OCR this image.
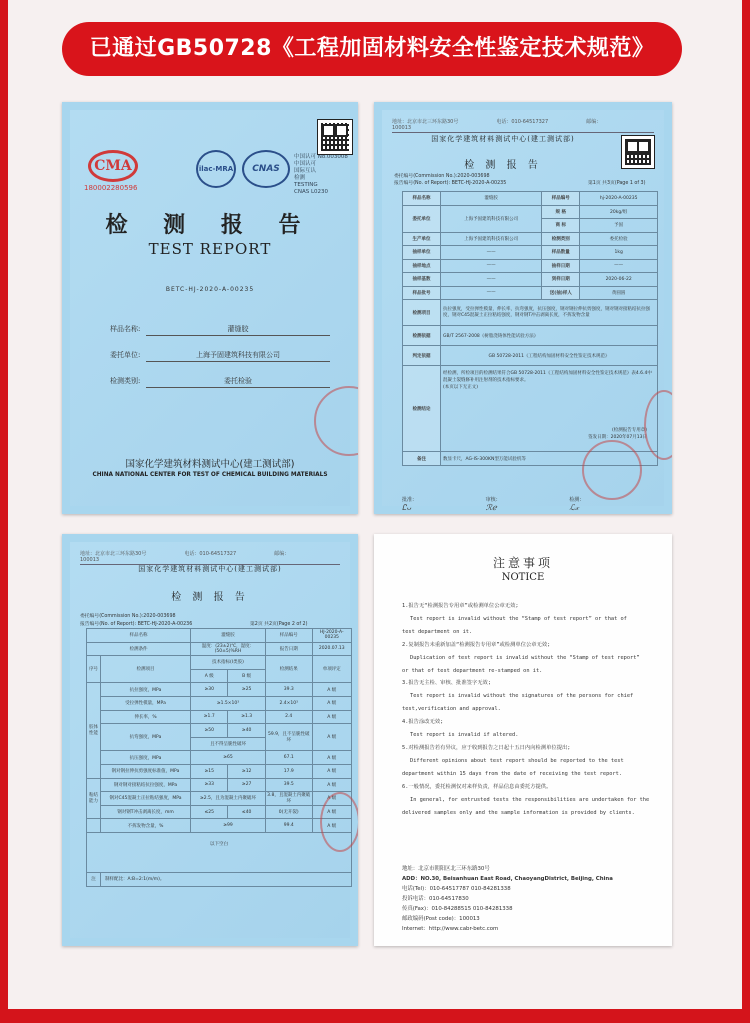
已通过GB50728《工程加固材料安全性鉴定技术规范》
CMA
180002280596
ilac-MRA	CNAS
中国认可 No.003008
中国认可
国际互认
检测
TESTING
CNAS L0230
检 测 报 告
TEST REPORT
BETC-HJ-2020-A-00235
样品名称:	灌缝胶
委托单位:	上海予固建筑科技有限公司
检测类别:	委托检验
国家化学建筑材料测试中心(建工测试部)
CHINA NATIONAL CENTER FOR TEST OF CHEMICAL BUILDING MATERIALS
地址：北京市北三环东路30号	电话：010-64517327	邮编：100013
国家化学建筑材料测试中心(建工测试部)
检 测 报 告
委托编号(Commission No.):2020-003698
报告编号(No. of Report): BETC-HJ-2020-A-00235	第1页 共3页(Page 1 of 3)
样品名称	灌缝胶	样品编号	hj-2020-A-00235
委托单位	上海予固建筑科技有限公司	规 格	20kg/组
		商 标	予固
生产单位	上海予固建筑科技有限公司	检测类别	委托检验
抽样单位	——	样品数量	1kg
抽样地点	——	抽样日期	——
抽样基数	——	到样日期	2020-06-22
样品批号	——	送(抽)样人	黄圆圆
检测项目	抗拉强度，受拉弹性模量，伸长率，抗弯强度，抗压强度，钢对钢拉伸抗剪强度，钢对钢对接粘结抗拉强度，钢对C45混凝土正拉粘结强度，钢对钢T冲击剥离长度，不挥发物含量		
检测依据	GB/T 2567-2008《树脂浇铸体性能试验方法》		
判定依据	GB 50728-2011《工程结构加固材料安全性鉴定技术规范》		
检测结论	经检测，所检项目的检测结果符合GB 50728-2011《工程结构加固材料安全性鉴定技术规范》表4.6.4中混凝土裂缝修补用注射剂的技术指标要求。
(本页以下无正文)
(检测报告专用章)
签发日期：2020年07月13日		

备注	数显卡尺，AG-IS-300KN型万能试验机等		
批准：Ꮭᴗ 审核：ℛℯ 检测：ℒ𝓍
地址：北京市北三环东路30号	电话：010-64517327	邮编：100013
国家化学建筑材料测试中心(建工测试部)
检 测 报 告
委托编号(Commission No.):2020-003698
报告编号(No. of Report): BETC-HJ-2020-A-00236	第2页 共2页(Page 2 of 2)
样品名称		灌缝胶		样品编号	HJ-2020-A-00235
检测条件		温度：(23±2)℃，湿度：(50±5)%RH		报告日期	2020.07.13
序号	检测项目	技术指标(Ⅰ类胶)		检测结果	单项评定
		A 级	B 级		
胶体性能	抗拉强度，MPa	≥30	≥25	39.3	A 级
	受拉弹性模量，MPa	≥1.5×10³		2.4×10³	A 级
	伸长率，%	≥1.7	≥1.3	2.4	A 级
	抗弯强度，MPa	≥50	≥40	59.9，且不呈脆性破坏	A 级
		且不得呈脆性破坏			
	抗压强度，MPa	≥65		67.1	A 级
	钢对钢拉伸抗剪强度标准值，MPa	≥15	≥12	17.9	A 级
粘结能力	钢对钢对接粘结抗拉强度，MPa	≥33	≥27	39.5	A 级
	钢对C45混凝土正拉粘结强度，MPa	≥2.5，且为混凝土内聚破坏		3.8，且混凝土内聚破坏	A 级
	钢对钢T冲击剥离长度，mm	≤25	≤40	0(无开裂)	A 级
	不挥发物含量，%	≥99		99.4	A 级
以下空白					
注	制样配比：A:B=2:1(m/m)。				
注意事项
NOTICE
1.报告无“检测报告专用章”或检测单位公章无效;
Test report is invalid without the “Stamp of test report” or that of
test department on it.
2.复制报告未重新加盖“检测报告专用章”或检测单位公章无效;
Duplication of test report is invalid without the “Stamp of test report”
or that of test department re-stamped on it.
3.报告无主检、审核、批准签字无效;
Test report is invalid without the signatures of the persons for chief
test,verification and approval.
4.报告涂改无效;
Test report is invalid if altered.
5.对检测报告若有异议，应于收到报告之日起十五日内向检测单位提出;
Different opinions about test report should be reported to the test
department within 15 days from the date of receiving the test report.
6.一般情况，委托检测仅对来样负责，样品信息由委托方提供。
In general, for entrusted tests the responsibilities are undertaken for the
delivered samples only and the sample information is provided by clients.
地址：北京市朝阳区北三环东路30号
ADD：NO.30, Beisanhuan East Road, ChaoyangDistrict, Beijing, China
电话(Tel)：010-64517787 010-84281338
投诉电话：010-64517830
传真(Fax)：010-84288515 010-84281338
邮政编码(Post code)：100013
Internet：http://www.cabr-betc.com
